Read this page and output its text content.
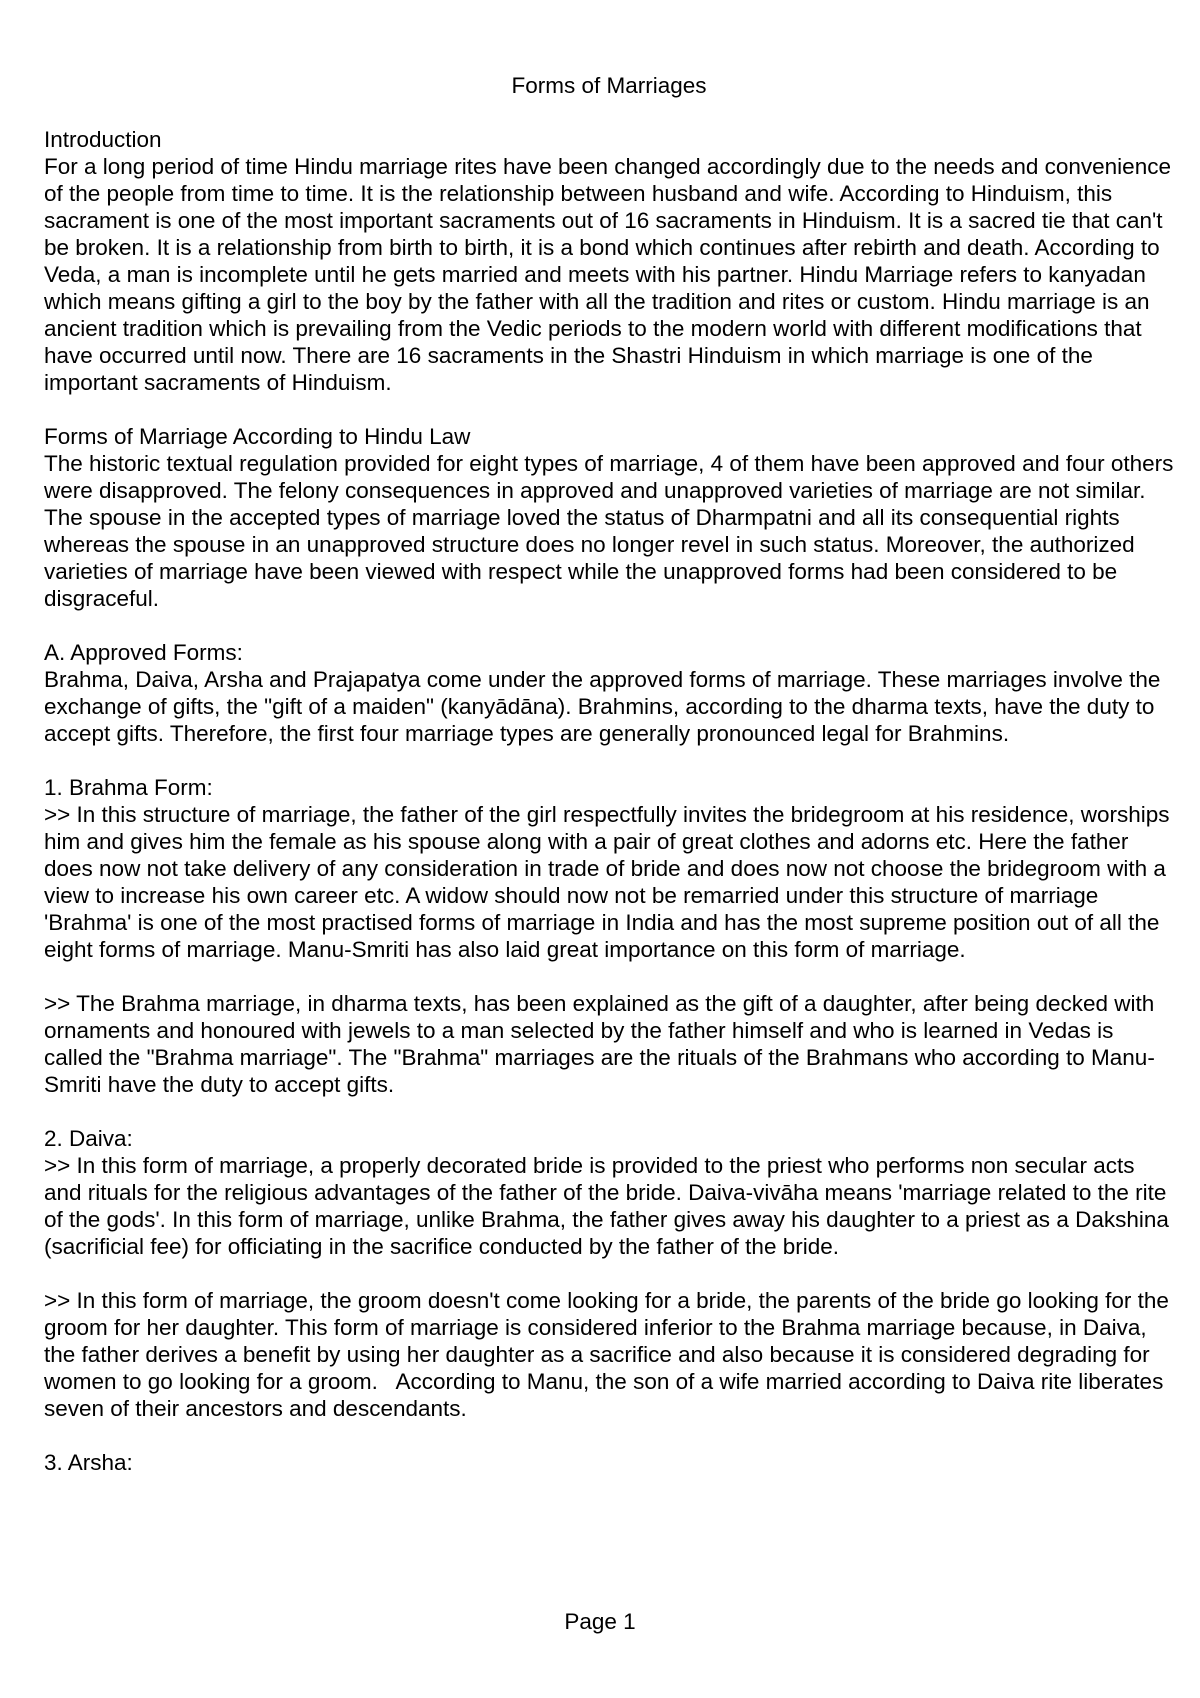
Forms of Marriages

Introduction

For a long period of time Hindu marriage rites have been changed accordingly due to the needs and convenience of the people from time to time. It is the relationship between husband and wife. According to Hinduism, this sacrament is one of the most important sacraments out of 16 sacraments in Hinduism. It is a sacred tie that can't be broken. It is a relationship from birth to birth, it is a bond which continues after rebirth and death. According to Veda, a man is incomplete until he gets married and meets with his partner. Hindu Marriage refers to kanyadan which means gifting a girl to the boy by the father with all the tradition and rites or custom. Hindu marriage is an ancient tradition which is prevailing from the Vedic periods to the modern world with different modifications that have occurred until now. There are 16 sacraments in the Shastri Hinduism in which marriage is one of the important sacraments of Hinduism.

Forms of Marriage According to Hindu Law

The historic textual regulation provided for eight types of marriage, 4 of them have been approved and four others were disapproved. The felony consequences in approved and unapproved varieties of marriage are not similar.  The spouse in the accepted types of marriage loved the status of Dharmpatni and all its consequential rights whereas the spouse in an unapproved structure does no longer revel in such status. Moreover, the authorized varieties of marriage have been viewed with respect while the unapproved forms had been considered to be disgraceful.

A. Approved Forms:

Brahma, Daiva, Arsha and Prajapatya come under the approved forms of marriage. These marriages involve the exchange of gifts, the "gift of a maiden" (kanyādāna). Brahmins, according to the dharma texts, have the duty to accept gifts. Therefore, the first four marriage types are generally pronounced legal for Brahmins.

1. Brahma Form:

>> In this structure of marriage, the father of the girl respectfully invites the bridegroom at his residence, worships him and gives him the female as his spouse along with a pair of great clothes and adorns etc. Here the father does now not take delivery of any consideration in trade of bride and does now not choose the bridegroom with a view to increase his own career etc. A widow should now not be remarried under this structure of marriage 'Brahma' is one of the most practised forms of marriage in India and has the most supreme position out of all the eight forms of marriage. Manu-Smriti has also laid great importance on this form of marriage.

>> The Brahma marriage, in dharma texts, has been explained as the gift of a daughter, after being decked with ornaments and honoured with jewels to a man selected by the father himself and who is learned in Vedas is called the "Brahma marriage". The "Brahma" marriages are the rituals of the Brahmans who according to Manu-Smriti have the duty to accept gifts.

2. Daiva:

>> In this form of marriage, a properly decorated bride is provided to the priest who performs non secular acts and rituals for the religious advantages of the father of the bride. Daiva-vivāha means 'marriage related to the rite of the gods'. In this form of marriage, unlike Brahma, the father gives away his daughter to a priest as a Dakshina (sacrificial fee) for officiating in the sacrifice conducted by the father of the bride.

>> In this form of marriage, the groom doesn't come looking for a bride, the parents of the bride go looking for the groom for her daughter. This form of marriage is considered inferior to the Brahma marriage because, in Daiva, the father derives a benefit by using her daughter as a sacrifice and also because it is considered degrading for women to go looking for a groom.   According to Manu, the son of a wife married according to Daiva rite liberates seven of their ancestors and descendants.

3. Arsha:

Page 1
